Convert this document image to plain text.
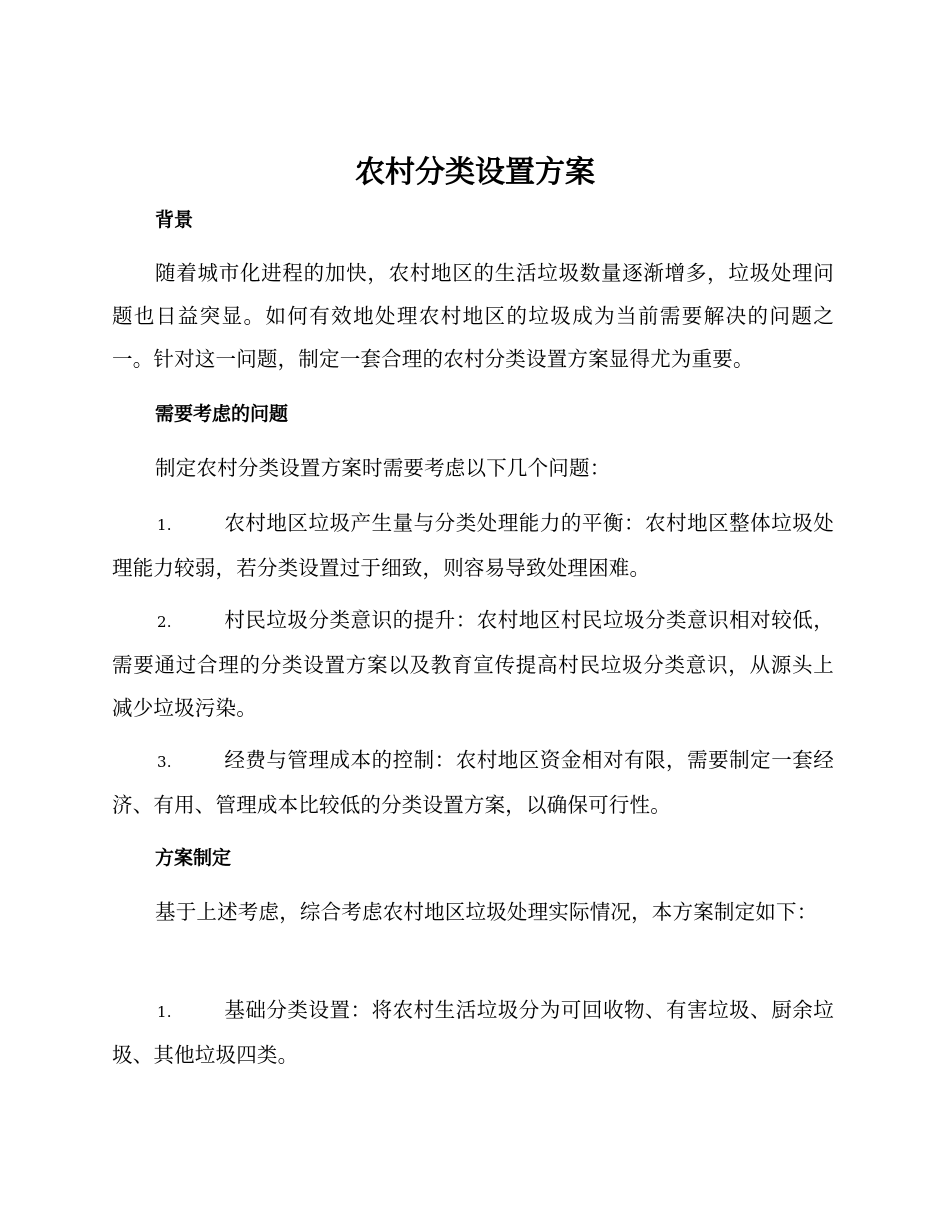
农村分类设置方案
背景

随着城市化进程的加快，农村地区的生活垃圾数量逐渐增多，垃圾处理问题也日益突显。如何有效地处理农村地区的垃圾成为当前需要解决的问题之一。针对这一问题，制定一套合理的农村分类设置方案显得尤为重要。

需要考虑的问题

制定农村分类设置方案时需要考虑以下几个问题：

1.	农村地区垃圾产生量与分类处理能力的平衡：农村地区整体垃圾处理能力较弱，若分类设置过于细致，则容易导致处理困难。

2.	村民垃圾分类意识的提升：农村地区村民垃圾分类意识相对较低，需要通过合理的分类设置方案以及教育宣传提高村民垃圾分类意识，从源头上减少垃圾污染。

3.	经费与管理成本的控制：农村地区资金相对有限，需要制定一套经济、有用、管理成本比较低的分类设置方案，以确保可行性。

方案制定

基于上述考虑，综合考虑农村地区垃圾处理实际情况，本方案制定如下：

1.	基础分类设置：将农村生活垃圾分为可回收物、有害垃圾、厨余垃圾、其他垃圾四类。
